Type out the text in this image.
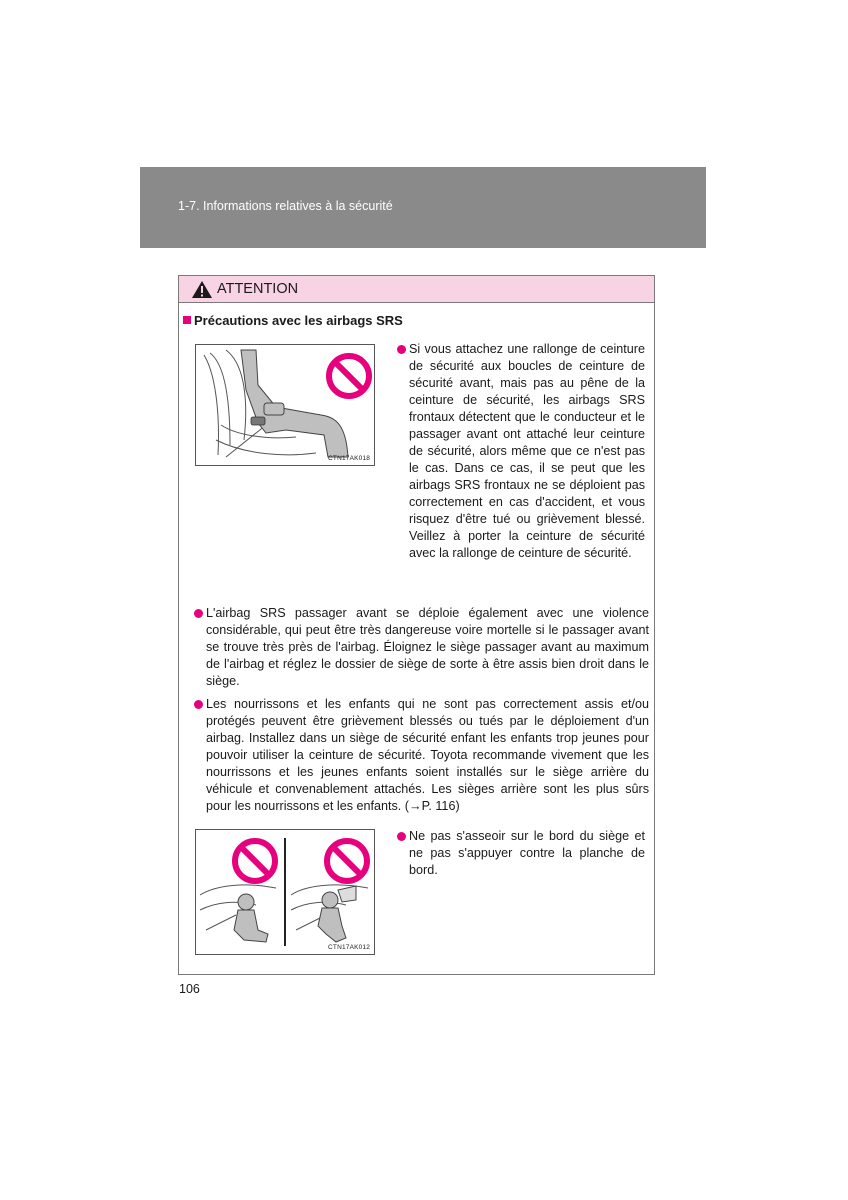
1-7. Informations relatives à la sécurité
ATTENTION
Précautions avec les airbags SRS
CTN17AK018
Si vous attachez une rallonge de ceinture de sécurité aux boucles de ceinture de sécurité avant, mais pas au pêne de la ceinture de sécurité, les airbags SRS frontaux détectent que le conducteur et le passager avant ont attaché leur ceinture de sécurité, alors même que ce n'est pas le cas. Dans ce cas, il se peut que les airbags SRS frontaux ne se déploient pas correctement en cas d'accident, et vous risquez d'être tué ou grièvement blessé. Veillez à porter la ceinture de sécurité avec la rallonge de ceinture de sécurité.
L'airbag SRS passager avant se déploie également avec une violence considérable, qui peut être très dangereuse voire mortelle si le passager avant se trouve très près de l'airbag. Éloignez le siège passager avant au maximum de l'airbag et réglez le dossier de siège de sorte à être assis bien droit dans le siège.
Les nourrissons et les enfants qui ne sont pas correctement assis et/ou protégés peuvent être grièvement blessés ou tués par le déploiement d'un airbag. Installez dans un siège de sécurité enfant les enfants trop jeunes pour pouvoir utiliser la ceinture de sécurité. Toyota recommande vivement que les nourrissons et les jeunes enfants soient installés sur le siège arrière du véhicule et convenablement attachés. Les sièges arrière sont les plus sûrs pour les nourrissons et les enfants. (→P. 116)
CTN17AK012
Ne pas s'asseoir sur le bord du siège et ne pas s'appuyer contre la planche de bord.
106
